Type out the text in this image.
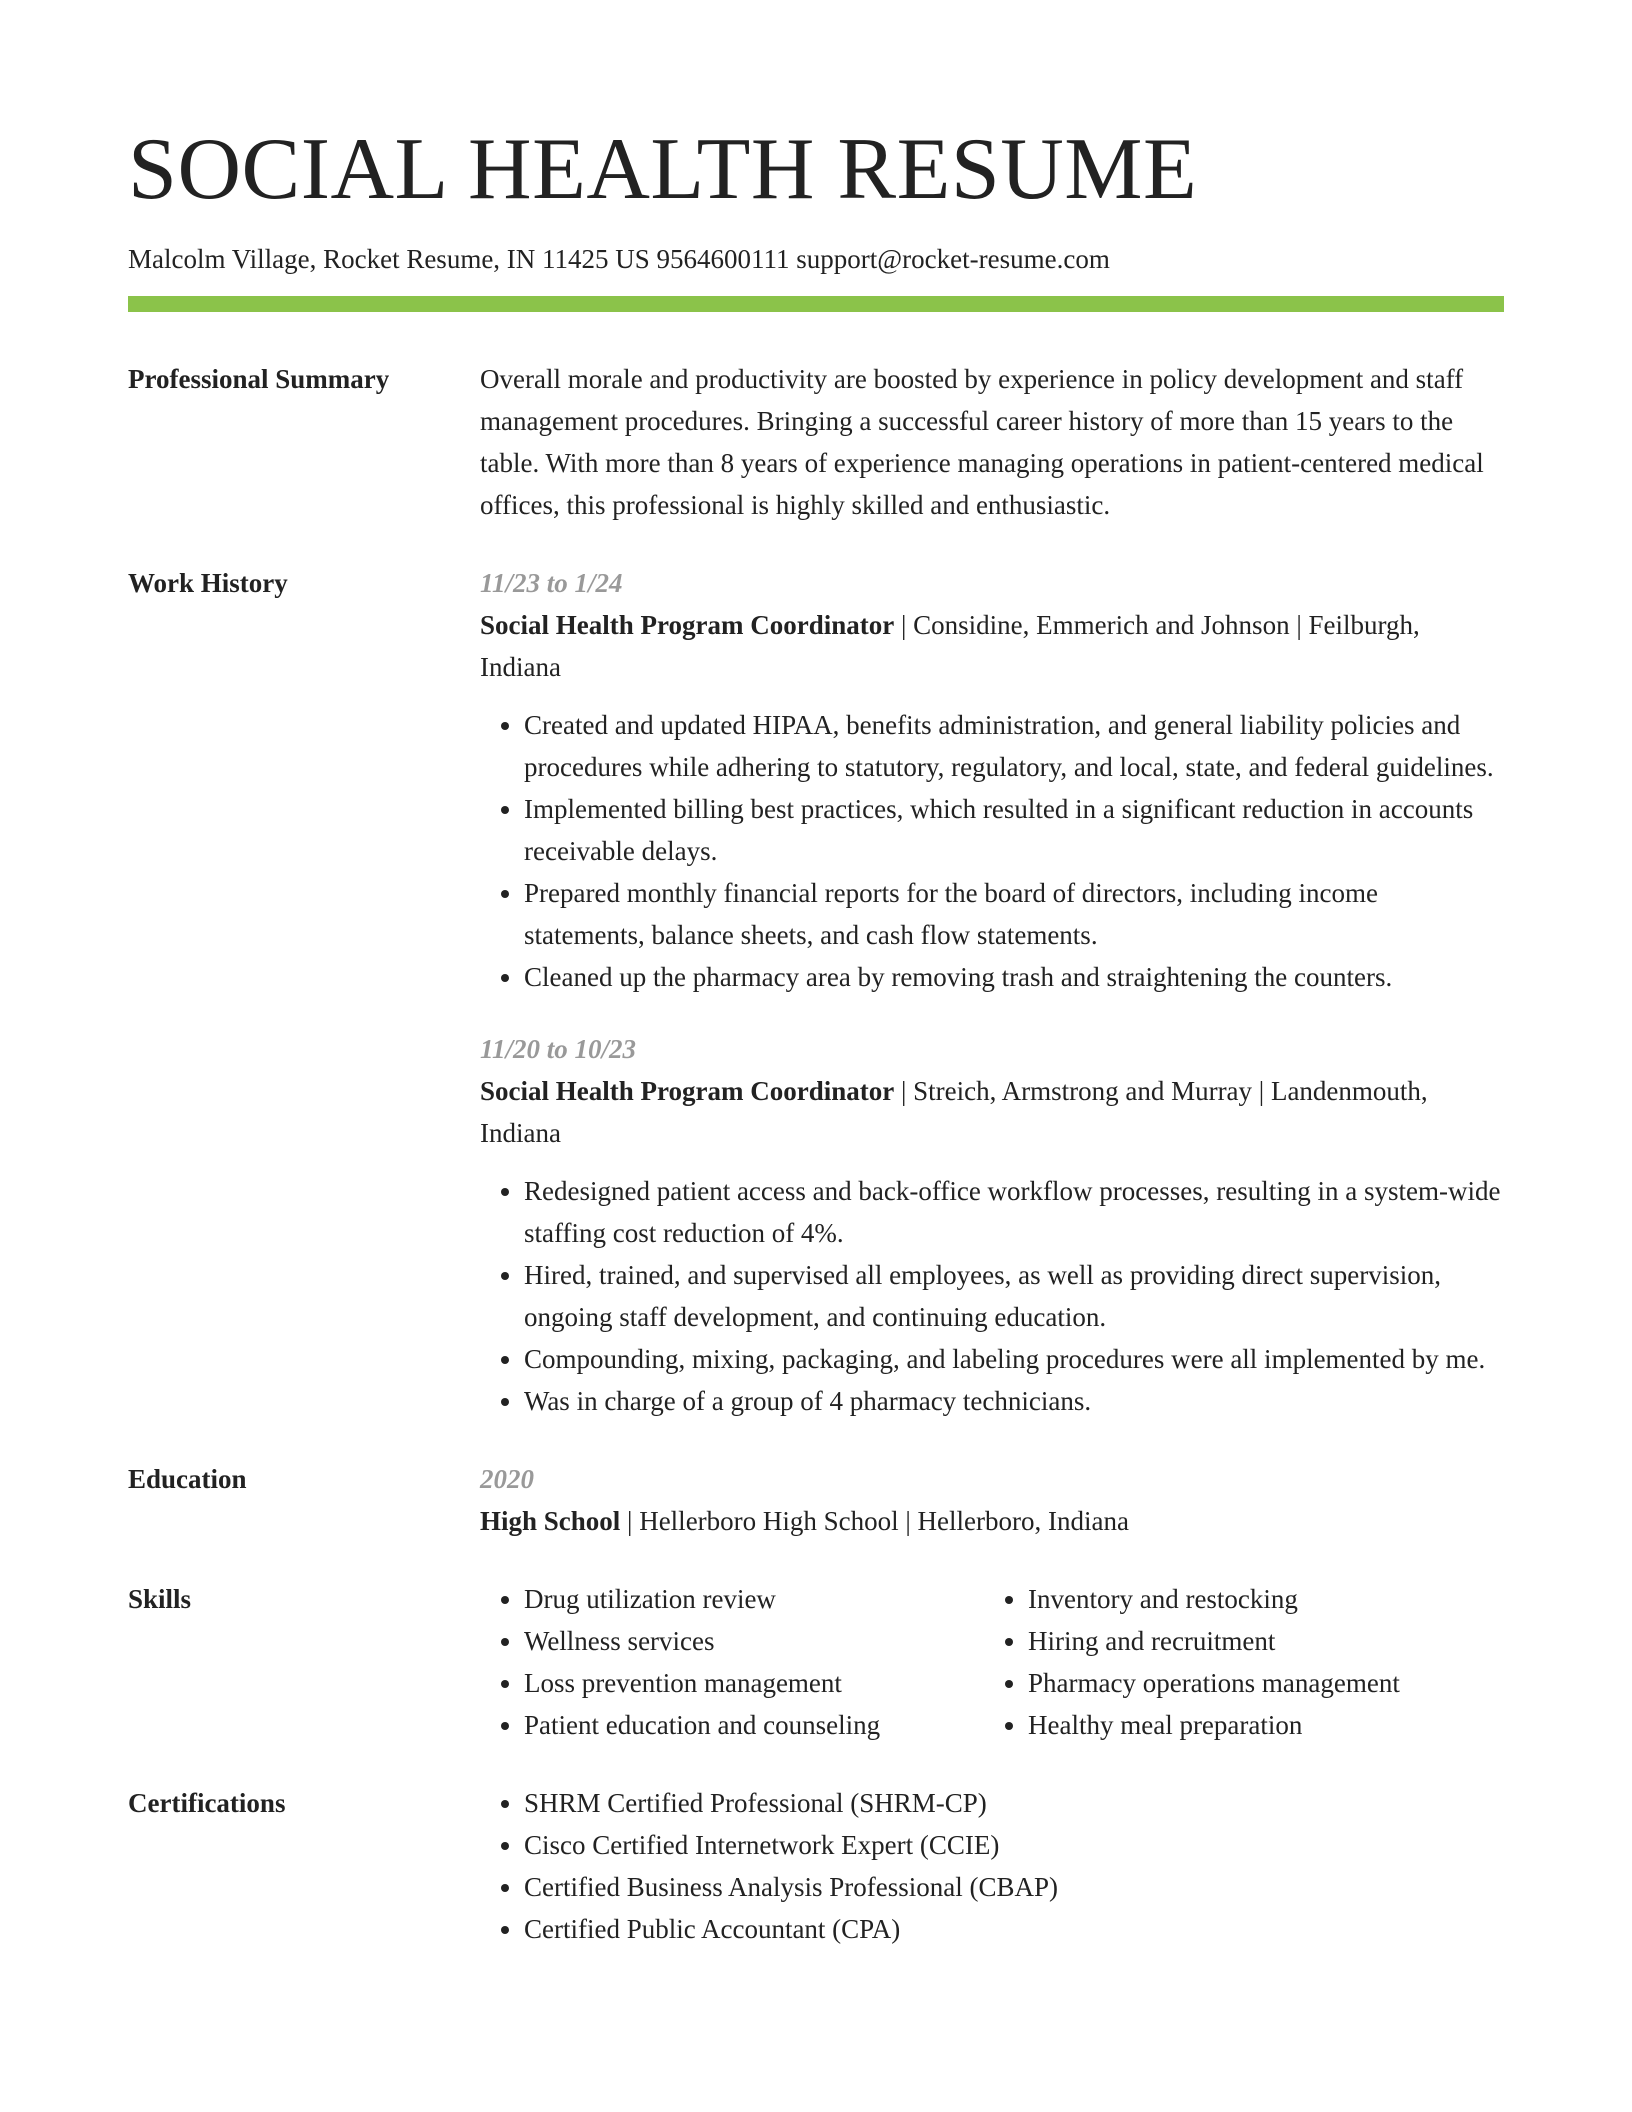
SOCIAL HEALTH RESUME
Malcolm Village, Rocket Resume, IN 11425 US 9564600111 support@rocket-resume.com
Professional Summary	Overall morale and productivity are boosted by experience in policy development and staff management procedures. Bringing a successful career history of more than 15 years to the table. With more than 8 years of experience managing operations in patient-centered medical offices, this professional is highly skilled and enthusiastic.

Work History	11/23 to 1/24
Social Health Program Coordinator | Considine, Emmerich and Johnson | Feilburgh, Indiana
• Created and updated HIPAA, benefits administration, and general liability policies and procedures while adhering to statutory, regulatory, and local, state, and federal guidelines.
• Implemented billing best practices, which resulted in a significant reduction in accounts receivable delays.
• Prepared monthly financial reports for the board of directors, including income statements, balance sheets, and cash flow statements.
• Cleaned up the pharmacy area by removing trash and straightening the counters.
11/20 to 10/23
Social Health Program Coordinator | Streich, Armstrong and Murray | Landenmouth, Indiana
• Redesigned patient access and back-office workflow processes, resulting in a system-wide staffing cost reduction of 4%.
• Hired, trained, and supervised all employees, as well as providing direct supervision, ongoing staff development, and continuing education.
• Compounding, mixing, packaging, and labeling procedures were all implemented by me.
• Was in charge of a group of 4 pharmacy technicians.
Education	2020
High School | Hellerboro High School | Hellerboro, Indiana
Skills	• Drug utilization review
• Wellness services
• Loss prevention management
• Patient education and counseling
• Inventory and restocking
• Hiring and recruitment
• Pharmacy operations management
• Healthy meal preparation
Certifications	• SHRM Certified Professional (SHRM-CP)
• Cisco Certified Internetwork Expert (CCIE)
• Certified Business Analysis Professional (CBAP)
• Certified Public Accountant (CPA)
